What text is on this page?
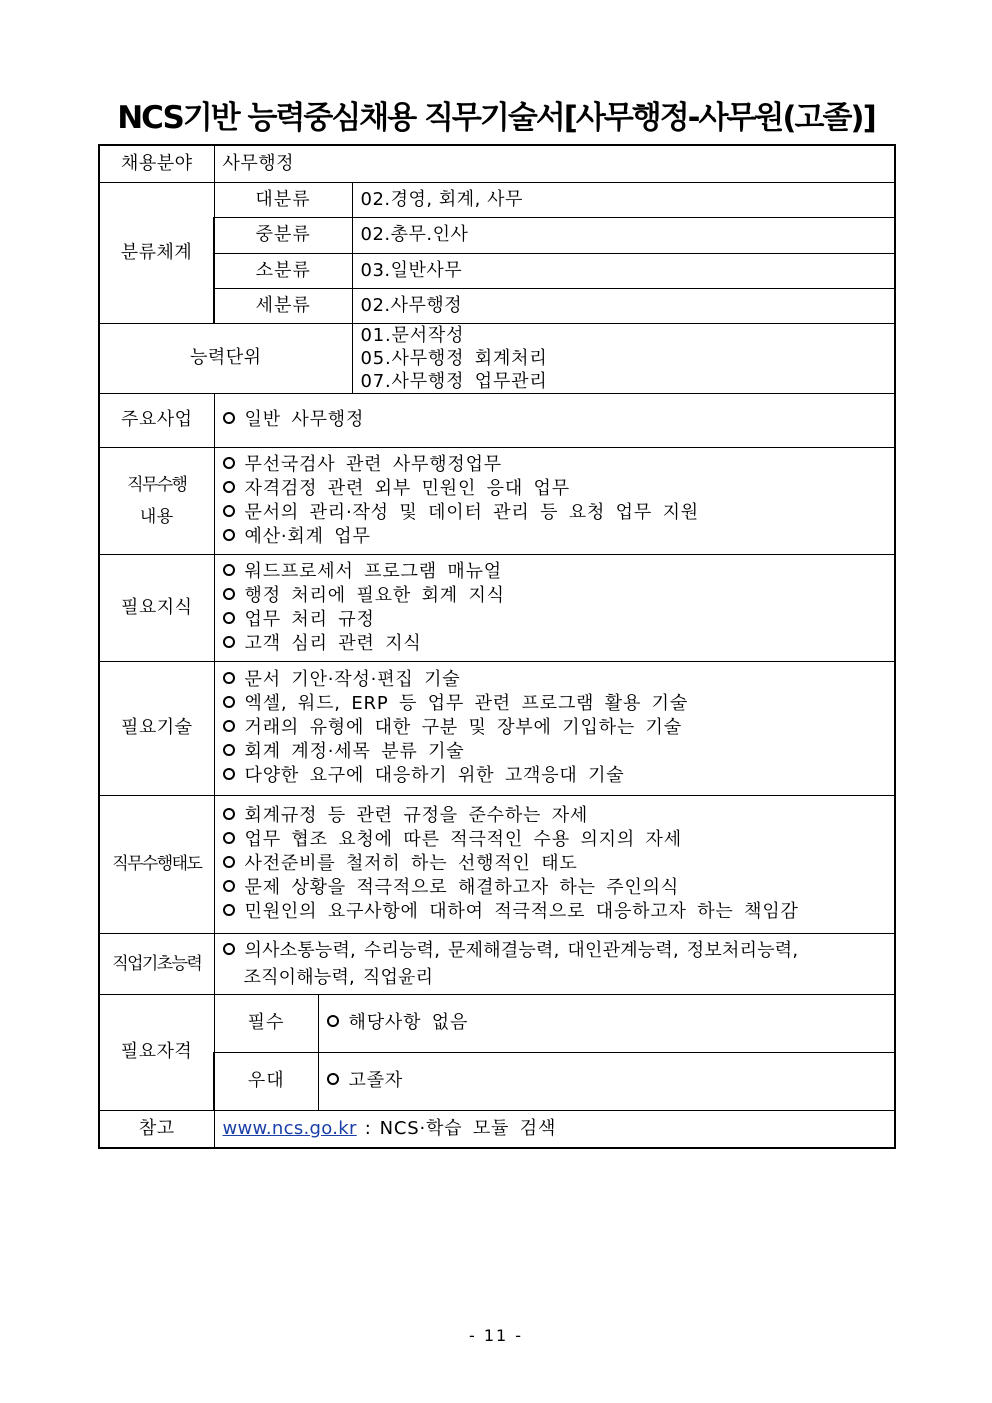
NCS기반 능력중심채용 직무기술서[사무행정-사무원(고졸)]
채용분야	사무행정		
분류체계	대분류		02.경영, 회계, 사무
	중분류		02.총무.인사
	소분류		03.일반사무
	세분류		02.사무행정
능력단위			01.문서작성
05.사무행정 회계처리
07.사무행정 업무관리

주요사업	일반 사무행정		

직무수행
내용	무선국검사 관련 사무행정업무
자격검정 관련 외부 민원인 응대 업무
문서의 관리·작성 및 데이터 관리 등 요청 업무 지원
예산·회계 업무		

필요지식	워드프로세서 프로그램 매뉴얼
행정 처리에 필요한 회계 지식
업무 처리 규정
고객 심리 관련 지식		

필요기술	문서 기안·작성·편집 기술
엑셀, 워드, ERP 등 업무 관련 프로그램 활용 기술
거래의 유형에 대한 구분 및 장부에 기입하는 기술
회계 계정·세목 분류 기술
다양한 요구에 대응하기 위한 고객응대 기술		

직무수행태도	회계규정 등 관련 규정을 준수하는 자세
업무 협조 요청에 따른 적극적인 수용 의지의 자세
사전준비를 철저히 하는 선행적인 태도
문제 상황을 적극적으로 해결하고자 하는 주인의식
민원인의 요구사항에 대하여 적극적으로 대응하고자 하는 책임감		

직업기초능력	의사소통능력, 수리능력, 문제해결능력, 대인관계능력, 정보처리능력,
조직이해능력, 직업윤리		

필요자격	필수	해당사항 없음	

	우대	고졸자	

참고	www.ncs.go.kr : NCS·학습 모듈 검색		
- 11 -
